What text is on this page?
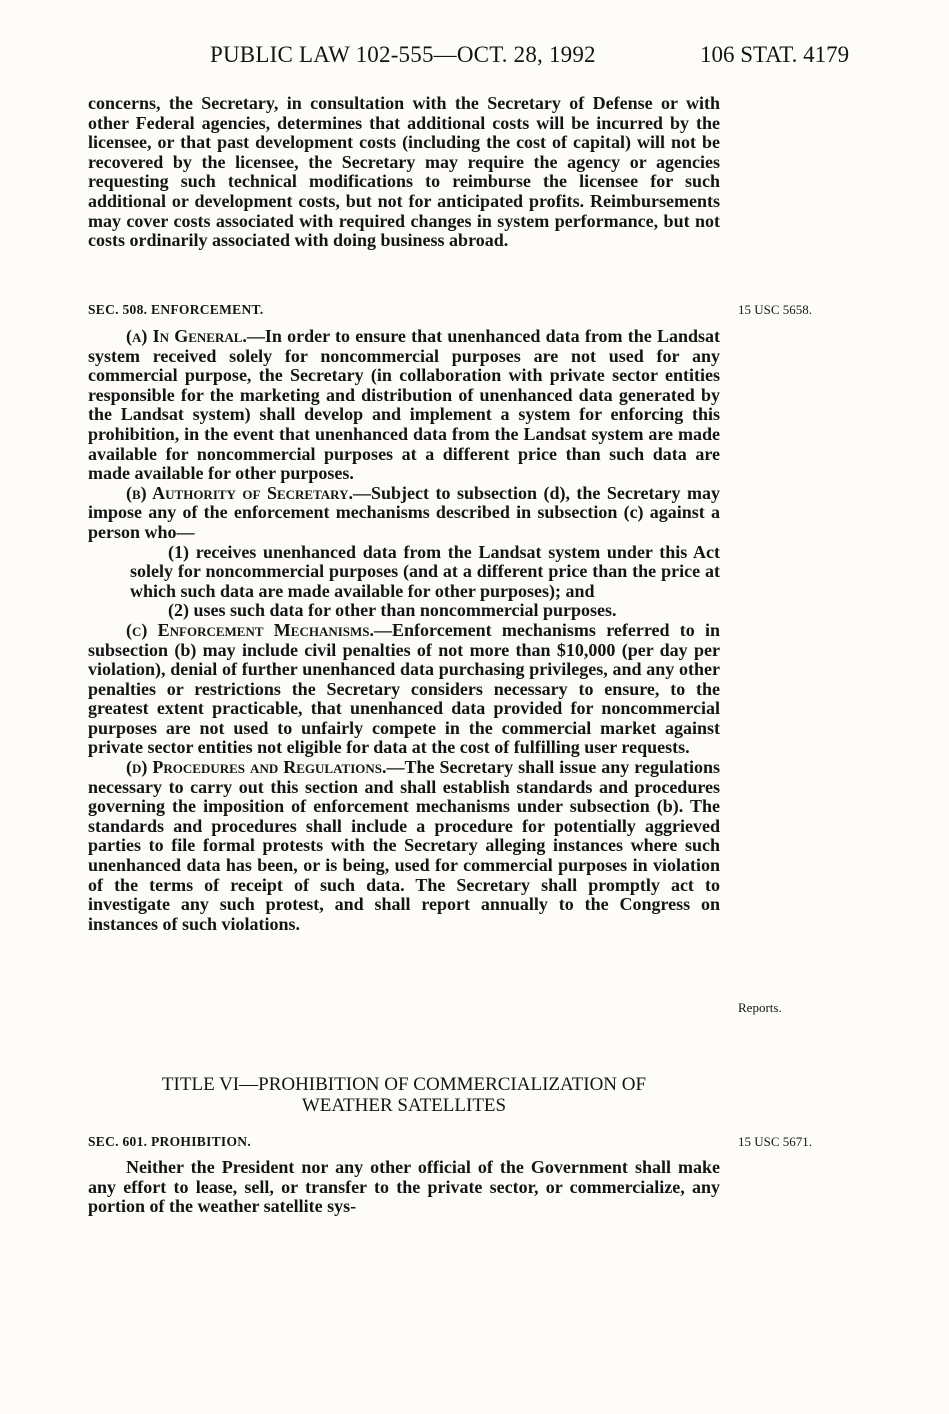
PUBLIC LAW 102-555—OCT. 28, 1992	106 STAT. 4179

concerns, the Secretary, in consultation with the Secretary of Defense or with other Federal agencies, determines that additional costs will be incurred by the licensee, or that past development costs (including the cost of capital) will not be recovered by the licensee, the Secretary may require the agency or agencies requesting such technical modifications to reimburse the licensee for such additional or development costs, but not for anticipated profits. Reimbursements may cover costs associated with required changes in system performance, but not costs ordinarily associated with doing business abroad.

SEC. 508. ENFORCEMENT.	15 USC 5658.

(a) In General.—In order to ensure that unenhanced data from the Landsat system received solely for noncommercial purposes are not used for any commercial purpose, the Secretary (in collaboration with private sector entities responsible for the marketing and distribution of unenhanced data generated by the Landsat system) shall develop and implement a system for enforcing this prohibition, in the event that unenhanced data from the Landsat system are made available for noncommercial purposes at a different price than such data are made available for other purposes.

(b) Authority of Secretary.—Subject to subsection (d), the Secretary may impose any of the enforcement mechanisms described in subsection (c) against a person who—

(1) receives unenhanced data from the Landsat system under this Act solely for noncommercial purposes (and at a different price than the price at which such data are made available for other purposes); and

(2) uses such data for other than noncommercial purposes.

(c) Enforcement Mechanisms.—Enforcement mechanisms referred to in subsection (b) may include civil penalties of not more than $10,000 (per day per violation), denial of further unenhanced data purchasing privileges, and any other penalties or restrictions the Secretary considers necessary to ensure, to the greatest extent practicable, that unenhanced data provided for noncommercial purposes are not used to unfairly compete in the commercial market against private sector entities not eligible for data at the cost of fulfilling user requests.

(d) Procedures and Regulations.—The Secretary shall issue any regulations necessary to carry out this section and shall establish standards and procedures governing the imposition of enforcement mechanisms under subsection (b). The standards and procedures shall include a procedure for potentially aggrieved parties to file formal protests with the Secretary alleging instances where such unenhanced data has been, or is being, used for commercial purposes in violation of the terms of receipt of such data. The Secretary shall promptly act to investigate any such protest, and shall report annually to the Congress on instances of such violations.

Reports.
TITLE VI—PROHIBITION OF COMMERCIALIZATION OF
WEATHER SATELLITES

SEC. 601. PROHIBITION.	15 USC 5671.

Neither the President nor any other official of the Government shall make any effort to lease, sell, or transfer to the private sector, or commercialize, any portion of the weather satellite sys-
